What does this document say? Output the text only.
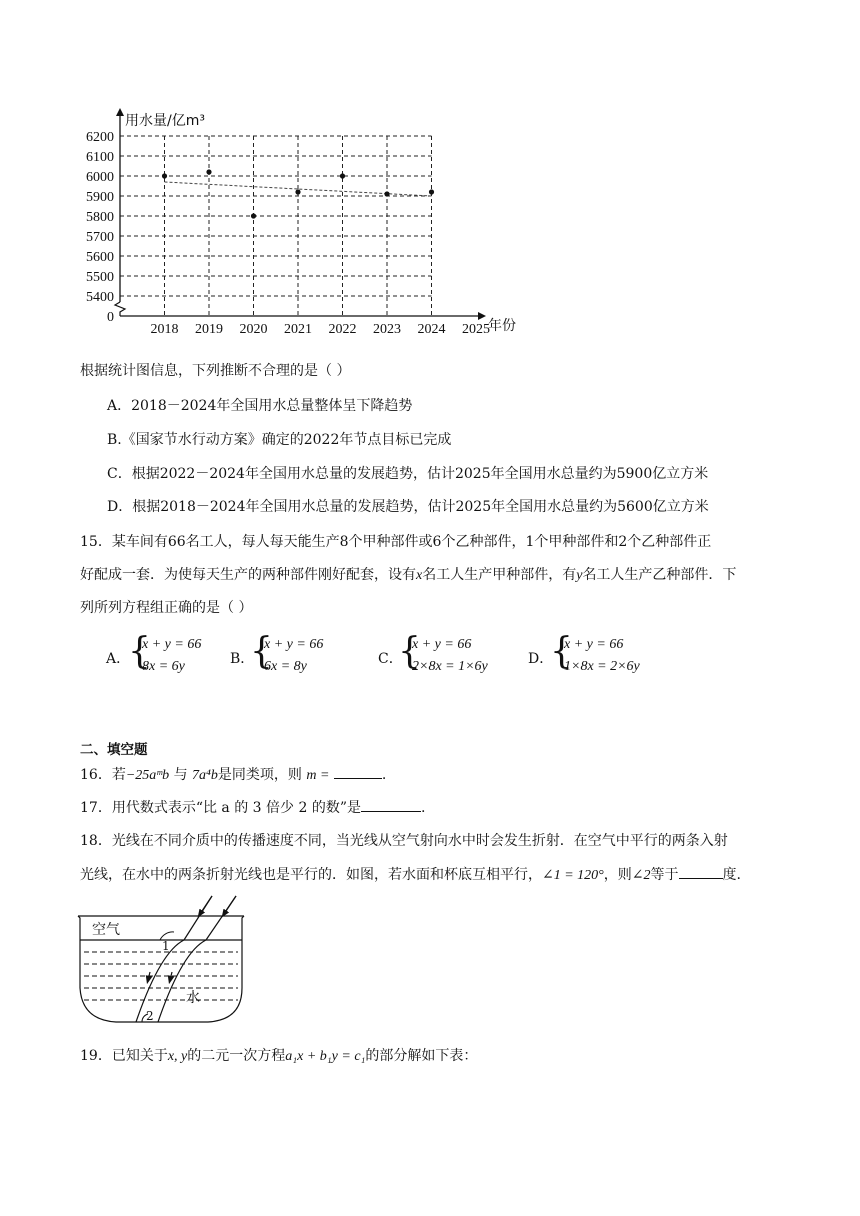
6200
6100
6000
5900
5800
5700
5600
5500
5400
0
2018 2019 2020 2021 2022 2023 2024 2025
用水量/亿m³
年份
根据统计图信息，下列推断不合理的是（ ）
A．2018－2024年全国用水总量整体呈下降趋势
B.《国家节水行动方案》确定的2022年节点目标已完成
C．根据2022－2024年全国用水总量的发展趋势，估计2025年全国用水总量约为5900亿立方米
D．根据2018－2024年全国用水总量的发展趋势，估计2025年全国用水总量约为5600亿立方米
15．某车间有66名工人，每人每天能生产8个甲种部件或6个乙种部件，1个甲种部件和2个乙种部件正
好配成一套．为使每天生产的两种部件刚好配套，设有x名工人生产甲种部件，有y名工人生产乙种部件．下
列所列方程组正确的是（ ）
A．
{
x + y = 66
8x = 6y	B．
{
x + y = 66
6x = 8y	C．
{
x + y = 66
2×8x = 1×6y	D．
{
x + y = 66
1×8x = 2×6y
二、填空题
16．若−25aᵐb 与 7a⁴b是同类项，则 m =	.
17．用代数式表示“比 a 的 3 倍少 2 的数”是	.
18．光线在不同介质中的传播速度不同，当光线从空气射向水中时会发生折射．在空气中平行的两条入射
光线，在水中的两条折射光线也是平行的．如图，若水面和杯底互相平行，∠1 = 120°，则∠2等于	度.
空气
水
1
2
19．已知关于x, y的二元一次方程a₁x + b₁y = c₁的部分解如下表：
